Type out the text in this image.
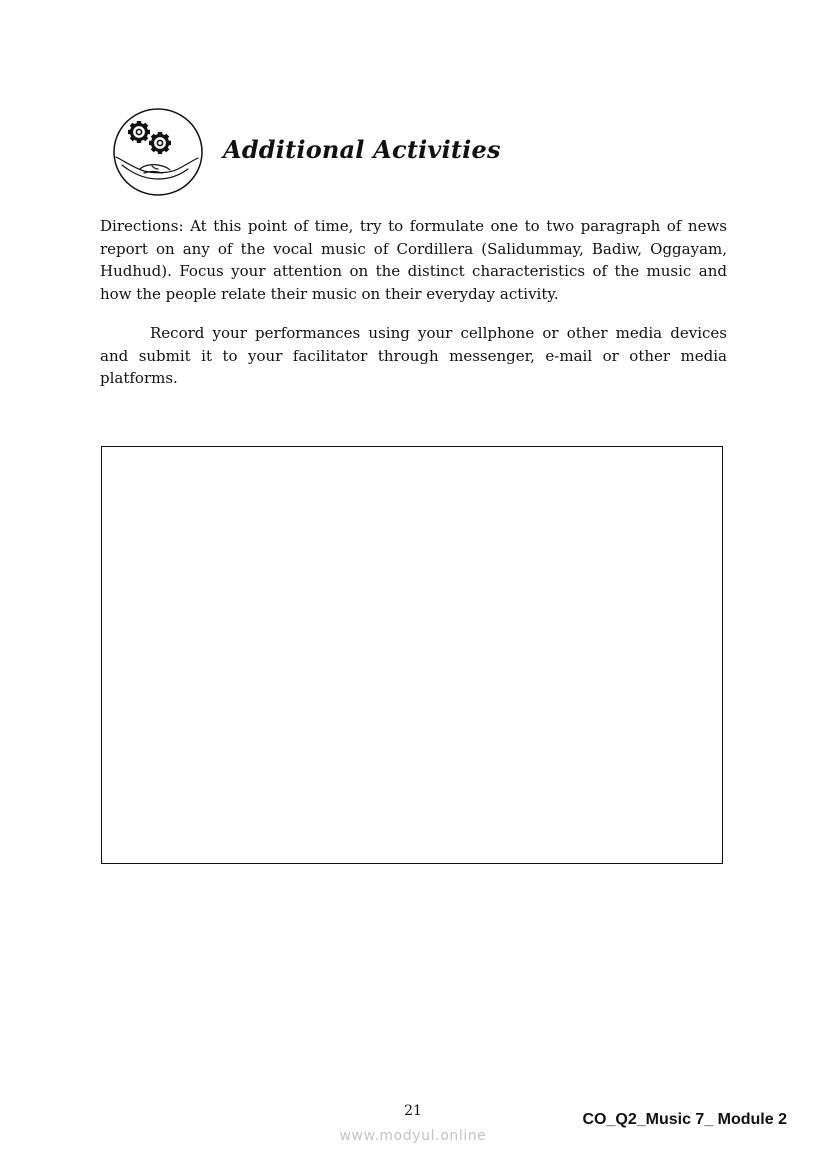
Additional Activities

Directions: At this point of time, try to formulate one to two paragraph of news report on any of the vocal music of Cordillera (Salidummay, Badiw, Oggayam, Hudhud). Focus your attention on the distinct characteristics of the music and how the people relate their music on their everyday activity.

Record your performances using your cellphone or other media devices and submit it to your facilitator through messenger, e-mail or other media platforms.

21	CO_Q2_Music 7_ Module 2
www.modyul.online
